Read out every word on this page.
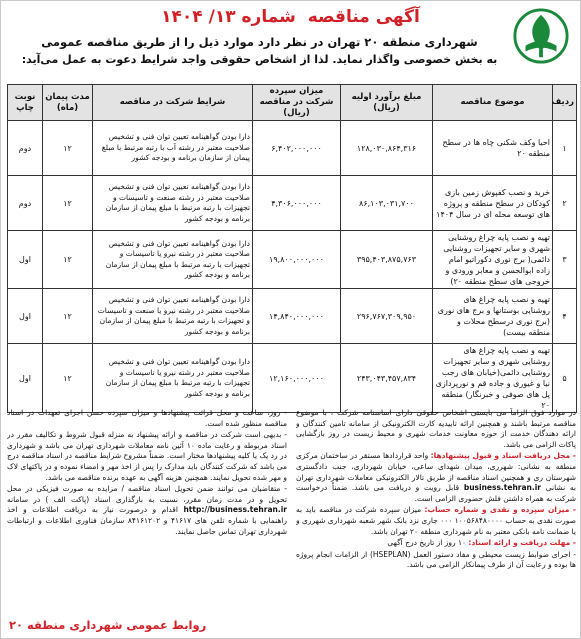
آگهی مناقصه شماره ۱۳/ ۱۴۰۴
شهرداری منطقه ۲۰ تهران در نظر دارد موارد ذیل را از طریق مناقصه عمومی
به بخش خصوصی واگذار نماید. لذا از اشخاص حقوقی واجد شرایط دعوت به عمل می‌آید:
ردیف	موضوع مناقصه	مبلغ برآورد اولیه (ریال)	میزان سپرده شرکت در مناقصه (ریال)	شرایط شرکت در مناقصه	مدت پیمان (ماه)	نوبت چاپ
۱	احیا وکف شکنی چاه ها در سطح منطقه ۲۰	۱۲۸,۰۳۰,۸۶۴,۳۱۶	۶,۴۰۲,۰۰۰,۰۰۰	دارا بودن گواهینامه تعیین توان فنی و تشخیص صلاحیت معتبر در رشته آب با رتبه مرتبط با مبلغ پیمان از سازمان برنامه و بودجه کشور	۱۲	دوم
۲	خرید و نصب کفپوش زمین بازی کودکان در سطح منطقه و پروژه های توسعه محله ای در سال ۱۴۰۴	۸۶,۱۰۳,۰۳۱,۷۰۰	۴,۳۰۶,۰۰۰,۰۰۰	دارا بودن گواهینامه تعیین توان فنی و تشخیص صلاحیت معتبر در رشته صنعت و تاسیسات و تجهیزات با رتبه مرتبط با مبلغ پیمان از سازمان برنامه و بودجه کشور	۱۲	دوم
۳	تهیه و نصب پایه چراغ روشنایی شهری و سایر تجهیزات روشنایی دائمی( برج نوری دکوراتیو امام زاده ابوالحسن و معابر ورودی و خروجی های سطح منطقه ۲۰)	۳۹۵,۴۰۳,۸۷۵,۷۶۳	۱۹,۸۰۰,۰۰۰,۰۰۰	دارا بودن گواهینامه تعیین توان فنی و تشخیص صلاحیت معتبر در رشته نیرو یا تاسیسات و تجهیزات با رتبه مرتبط با مبلغ پیمان از سازمان برنامه و بودجه کشور	۱۲	اول
۴	تهیه و نصب پایه چراغ های روشنایی بوستانها و برج های نوری (برج نوری درسطح محلات و منطقه بیست)	۲۹۶,۷۶۷,۳۰۹,۹۵۰	۱۴,۸۴۰,۰۰۰,۰۰۰	دارا بودن گواهینامه تعیین توان فنی و تشخیص صلاحیت معتبر در رشته نیرو یا صنعت و تاسیسات و تجهیزات با رتبه مرتبط با مبلغ پیمان از سازمان برنامه و بودجه کشور	۱۲	اول
۵	تهیه و نصب پایه چراغ های روشنایی شهری و سایر تجهیزات روشنایی دائمی(خیابان های رجب نیا و غیوری و جاده قم و نورپردازی پل های صوفی و خبرنگار) منطقه ۲۰	۲۴۳,۰۴۳,۴۵۷,۸۳۴	۱۲,۱۶۰,۰۰۰,۰۰۰	دارا بودن گواهینامه تعیین توان فنی و تشخیص صلاحیت معتبر در رشته نیرو یا تاسیسات و تجهیزات با رتبه مرتبط با مبلغ پیمان از سازمان برنامه و بودجه کشور	۱۲	اول

در موارد فوق الزاماً می بایستی اشخاص حقوقی دارای اساسنامه شرکت ، با موضوع مناقصه مرتبط باشند و همچنین ارائه تاییدیه کارت الکترونیکی از سامانه تامین کنندگان و ارائه دهندگان خدمت از حوزه معاونت خدمات شهری و محیط زیست در روز بازگشایی پاکات الزامی می باشد.

- محل دریافت اسناد و قبول پیشنهادها: واحد قراردادها مستقر در ساختمان مرکزی منطقه به نشانی: شهرری، میدان شهدای ساعی، خیابان شهرداری، جنب دادگستری شهرستان ری و همچنین اسناد مناقصه از طریق تالار الکترونیکی معاملات شهرداری تهران به نشانی business.tehran.ir قابل رویت و دریافت می باشد. ضمناً درخواست شرکت به همراه داشتن فلش حضوری الزامی است.

- میزان سپرده و نقدی و شماره حساب: میزان سپرده شرکت در مناقصه باید به صورت نقدی به حساب ۱۰۰۵۶۸۴۸۰۰۰۰ ۰۰۰ جاری نزد بانک شهر شعبه شهرداری شهرری و یا ضمانت نامه بانکی معتبر به نام شهرداری منطقه ۲۰ تهران باشد.

- مهلت دریافت و ارائه اسناد: ۱۰ روز از تاریخ درج آگهی

- اجرای ضوابط زیست محیطی و مفاد دستور العمل (HSEPLAN) از الزامات انجام پروژه ها بوده و رعایت آن از طرف پیمانکار الزامی می باشد.

- روز، ساعت و محل قرائت پیشنهادها و میزان سپرده حسن اجرای تعهدات در اسناد مناقصه منظور شده است.

- بدیهی است شرکت در مناقصه و ارائه پیشنهاد به منزله قبول شروط و تکالیف مقرر در اسناد مربوطه و رعایت ماده ۱۰ آئین نامه معاملات شهرداری تهران می باشد و شهرداری در رد یک یا کلیه پیشنهادها مختار است. ضمناً مشروح شرایط مناقصه در اسناد مناقصه درج می باشد که شرکت کنندگان باید مدارک را پس از اخذ مهر و امضاء نموده و در پاکتهای لاک و مهر شده تحویل نمایند. همچنین هزینه آگهی به عهده برنده مناقصه می باشد.

- متقاضیان می توانند ضمن تحویل اسناد مناقصه / مزایده به صورت فیزیکی در محل تحویل و در مدت زمان مقرر، نسبت به بارگذاری اسناد (پاکت الف ) در سامانه http://business.tehran.ir اقدام و درصورت نیاز به دریافت اطلاعات و اخذ راهنمایی با شماره تلفن های ۴۱۶۱۷ و ۸۴۱۶۱۲۰۲ سازمان فناوری اطلاعات و ارتباطات شهرداری تهران تماس حاصل نمایند.

روابط عمومی شهرداری منطقه ۲۰
